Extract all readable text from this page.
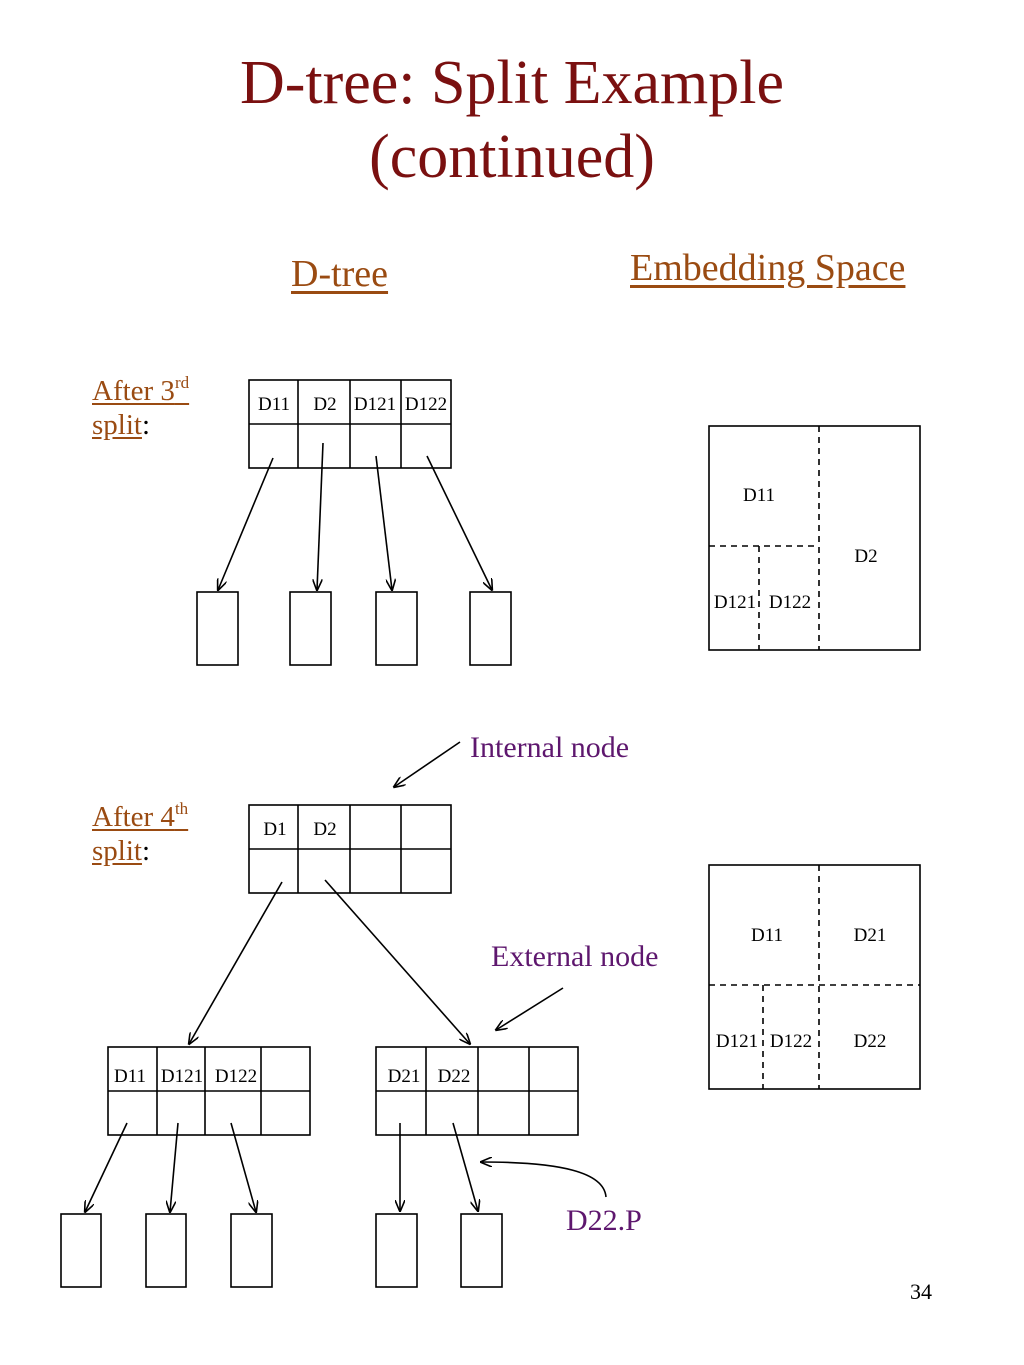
D-tree: Split Example
(continued)
D-tree	Embedding Space
After 3rd
split:
After 4th
split:
Internal node
External node
D22.P
34
D11 D2 D121 D122
D11
D2
D121 D122
D1 D2
D11 D121 D122	D21 D22
D11	D21
D121 D122 D22
